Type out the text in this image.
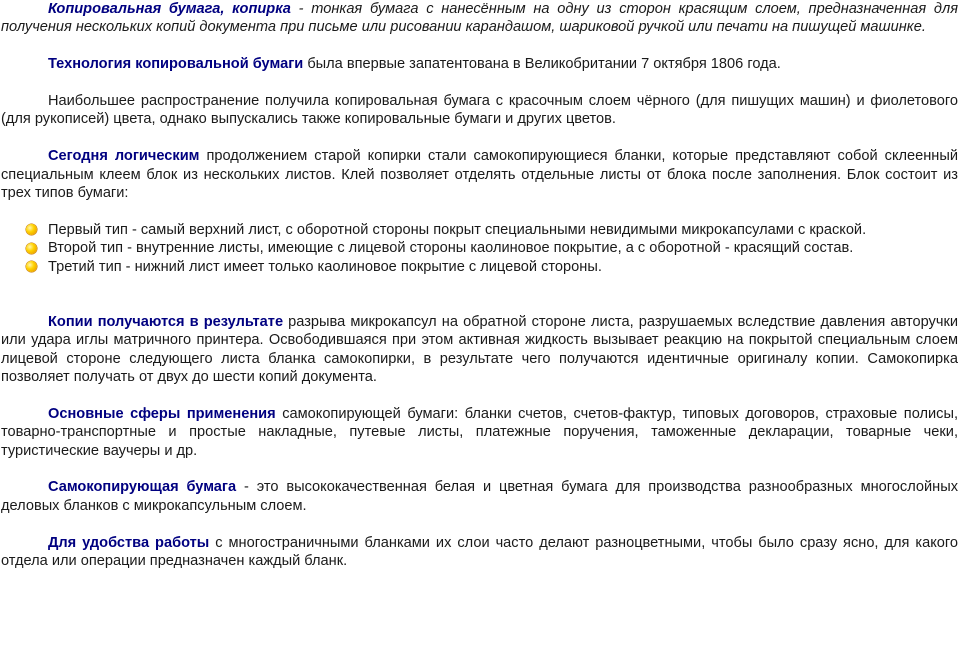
Копировальная бумага, копирка - тонкая бумага с нанесённым на одну из сторон красящим слоем, предназначенная для получения нескольких копий документа при письме или рисовании карандашом, шариковой ручкой или печати на пишущей машинке.

Технология копировальной бумаги была впервые запатентована в Великобритании 7 октября 1806 года.

Наибольшее распространение получила копировальная бумага с красочным слоем чёрного (для пишущих машин) и фиолетового (для рукописей) цвета, однако выпускались также копировальные бумаги и других цветов.

Сегодня логическим продолжением старой копирки стали самокопирующиеся бланки, которые представляют собой склеенный специальным клеем блок из нескольких листов. Клей позволяет отделять отдельные листы от блока после заполнения. Блок состоит из трех типов бумаги:

Первый тип - самый верхний лист, с оборотной стороны покрыт специальными невидимыми микрокапсулами с краской.
Второй тип - внутренние листы, имеющие с лицевой стороны каолиновое покрытие, а с оборотной - красящий состав.
Третий тип - нижний лист имеет только каолиновое покрытие с лицевой стороны.

Копии получаются в результате разрыва микрокапсул на обратной стороне листа, разрушаемых вследствие давления авторучки или удара иглы матричного принтера. Освободившаяся при этом активная жидкость вызывает реакцию на покрытой специальным слоем лицевой стороне следующего листа бланка самокопирки, в результате чего получаются идентичные оригиналу копии. Самокопирка позволяет получать от двух до шести копий документа.

Основные сферы применения самокопирующей бумаги: бланки счетов, счетов-фактур, типовых договоров, страховые полисы, товарно-транспортные и простые накладные, путевые листы, платежные поручения, таможенные декларации, товарные чеки, туристические ваучеры и др.

Самокопирующая бумага - это высококачественная белая и цветная бумага для производства разнообразных многослойных деловых бланков с микрокапсульным слоем.

Для удобства работы с многостраничными бланками их слои часто делают разноцветными, чтобы было сразу ясно, для какого отдела или операции предназначен каждый бланк.
